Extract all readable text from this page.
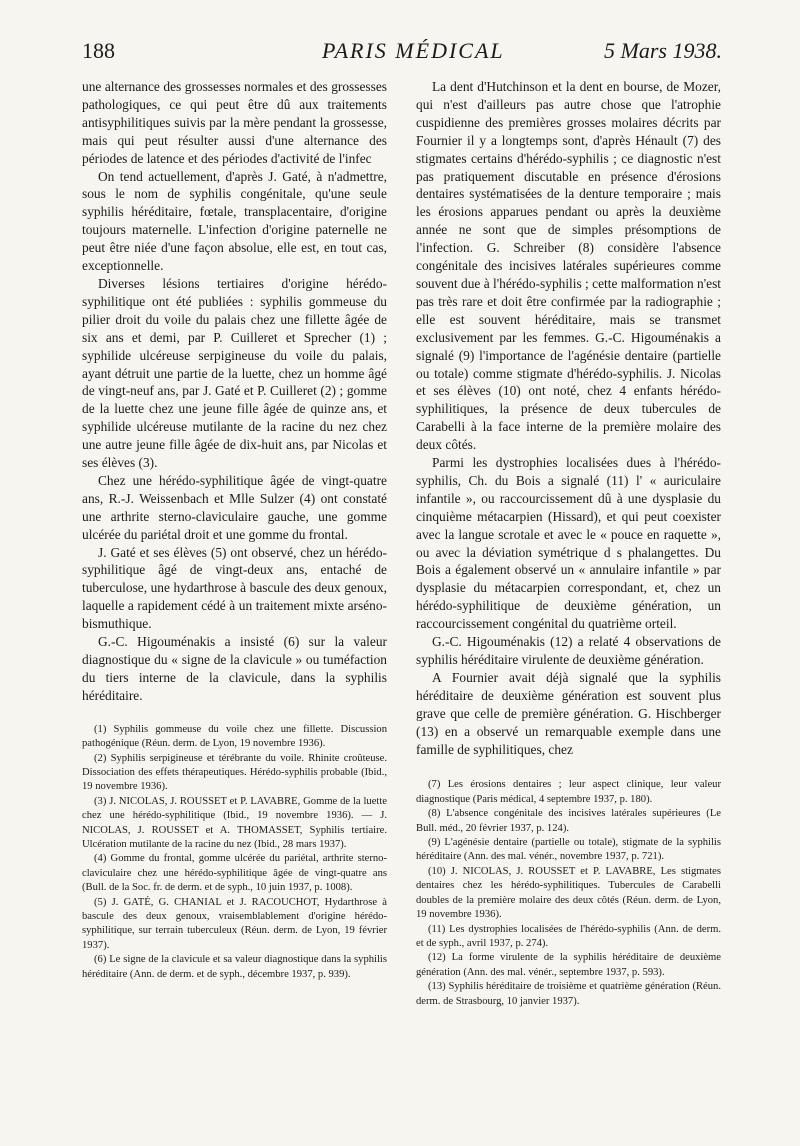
188	PARIS MÉDICAL	5 Mars 1938.

une alternance des grossesses normales et des grossesses pathologiques, ce qui peut être dû aux traitements antisyphilitiques suivis par la mère pendant la grossesse, mais qui peut résulter aussi d'une alternance des périodes de latence et des périodes d'activité de l'infec

On tend actuellement, d'après J. Gaté, à n'admettre, sous le nom de syphilis congénitale, qu'une seule syphilis héréditaire, fœtale, transplacentaire, d'origine toujours maternelle. L'infection d'origine paternelle ne peut être niée d'une façon absolue, elle est, en tout cas, exceptionnelle.

Diverses lésions tertiaires d'origine hérédo-syphilitique ont été publiées : syphilis gommeuse du pilier droit du voile du palais chez une fillette âgée de six ans et demi, par P. Cuilleret et Sprecher (1) ; syphilide ulcéreuse serpigineuse du voile du palais, ayant détruit une partie de la luette, chez un homme âgé de vingt-neuf ans, par J. Gaté et P. Cuilleret (2) ; gomme de la luette chez une jeune fille âgée de quinze ans, et syphilide ulcéreuse mutilante de la racine du nez chez une autre jeune fille âgée de dix-huit ans, par Nicolas et ses élèves (3).

Chez une hérédo-syphilitique âgée de vingt-quatre ans, R.-J. Weissenbach et Mlle Sulzer (4) ont constaté une arthrite sterno-claviculaire gauche, une gomme ulcérée du pariétal droit et une gomme du frontal.

J. Gaté et ses élèves (5) ont observé, chez un hérédo-syphilitique âgé de vingt-deux ans, entaché de tuberculose, une hydarthrose à bascule des deux genoux, laquelle a rapidement cédé à un traitement mixte arséno-bismuthique.

G.-C. Higouménakis a insisté (6) sur la valeur diagnostique du « signe de la clavicule » ou tuméfaction du tiers interne de la clavicule, dans la syphilis héréditaire.

(1) Syphilis gommeuse du voile chez une fillette. Discussion pathogénique (Réun. derm. de Lyon, 19 novembre 1936).

(2) Syphilis serpigineuse et térébrante du voile. Rhinite croûteuse. Dissociation des effets thérapeutiques. Hérédo-syphilis probable (Ibid., 19 novembre 1936).

(3) J. NICOLAS, J. ROUSSET et P. LAVABRE, Gomme de la luette chez une hérédo-syphilitique (Ibid., 19 novembre 1936). — J. NICOLAS, J. ROUSSET et A. THOMASSET, Syphilis tertiaire. Ulcération mutilante de la racine du nez (Ibid., 28 mars 1937).

(4) Gomme du frontal, gomme ulcérée du pariétal, arthrite sterno-claviculaire chez une hérédo-syphilitique âgée de vingt-quatre ans (Bull. de la Soc. fr. de derm. et de syph., 10 juin 1937, p. 1008).

(5) J. GATÉ, G. CHANIAL et J. RACOUCHOT, Hydarthrose à bascule des deux genoux, vraisemblablement d'origine hérédo-syphilitique, sur terrain tuberculeux (Réun. derm. de Lyon, 19 février 1937).

(6) Le signe de la clavicule et sa valeur diagnostique dans la syphilis héréditaire (Ann. de derm. et de syph., décembre 1937, p. 939).

La dent d'Hutchinson et la dent en bourse, de Mozer, qui n'est d'ailleurs pas autre chose que l'atrophie cuspidienne des premières grosses molaires décrits par Fournier il y a longtemps sont, d'après Hénault (7) des stigmates certains d'hérédo-syphilis ; ce diagnostic n'est pas pratiquement discutable en présence d'érosions dentaires systématisées de la denture temporaire ; mais les érosions apparues pendant ou après la deuxième année ne sont que de simples présomptions de l'infection. G. Schreiber (8) considère l'absence congénitale des incisives latérales supérieures comme souvent due à l'hérédo-syphilis ; cette malformation n'est pas très rare et doit être confirmée par la radiographie ; elle est souvent héréditaire, mais se transmet exclusivement par les femmes. G.-C. Higouménakis a signalé (9) l'importance de l'agénésie dentaire (partielle ou totale) comme stigmate d'hérédo-syphilis. J. Nicolas et ses élèves (10) ont noté, chez 4 enfants hérédo-syphilitiques, la présence de deux tubercules de Carabelli à la face interne de la première molaire des deux côtés.

Parmi les dystrophies localisées dues à l'hérédo-syphilis, Ch. du Bois a signalé (11) l' « auriculaire infantile », ou raccourcissement dû à une dysplasie du cinquième métacarpien (Hissard), et qui peut coexister avec la langue scrotale et avec le « pouce en raquette », ou avec la déviation symétrique d s phalangettes. Du Bois a également observé un « annulaire infantile » par dysplasie du métacarpien correspondant, et, chez un hérédo-syphilitique de deuxième génération, un raccourcissement congénital du quatrième orteil.

G.-C. Higouménakis (12) a relaté 4 observations de syphilis héréditaire virulente de deuxième génération.

A Fournier avait déjà signalé que la syphilis héréditaire de deuxième génération est souvent plus grave que celle de première génération. G. Hischberger (13) en a observé un remarquable exemple dans une famille de syphilitiques, chez

(7) Les érosions dentaires ; leur aspect clinique, leur valeur diagnostique (Paris médical, 4 septembre 1937, p. 180).

(8) L'absence congénitale des incisives latérales supérieures (Le Bull. méd., 20 février 1937, p. 124).

(9) L'agénésie dentaire (partielle ou totale), stigmate de la syphilis héréditaire (Ann. des mal. vénér., novembre 1937, p. 721).

(10) J. NICOLAS, J. ROUSSET et P. LAVABRE, Les stigmates dentaires chez les hérédo-syphilitiques. Tubercules de Carabelli doubles de la première molaire des deux côtés (Réun. derm. de Lyon, 19 novembre 1936).

(11) Les dystrophies localisées de l'hérédo-syphilis (Ann. de derm. et de syph., avril 1937, p. 274).

(12) La forme virulente de la syphilis héréditaire de deuxième génération (Ann. des mal. vénér., septembre 1937, p. 593).

(13) Syphilis héréditaire de troisième et quatrième génération (Réun. derm. de Strasbourg, 10 janvier 1937).
